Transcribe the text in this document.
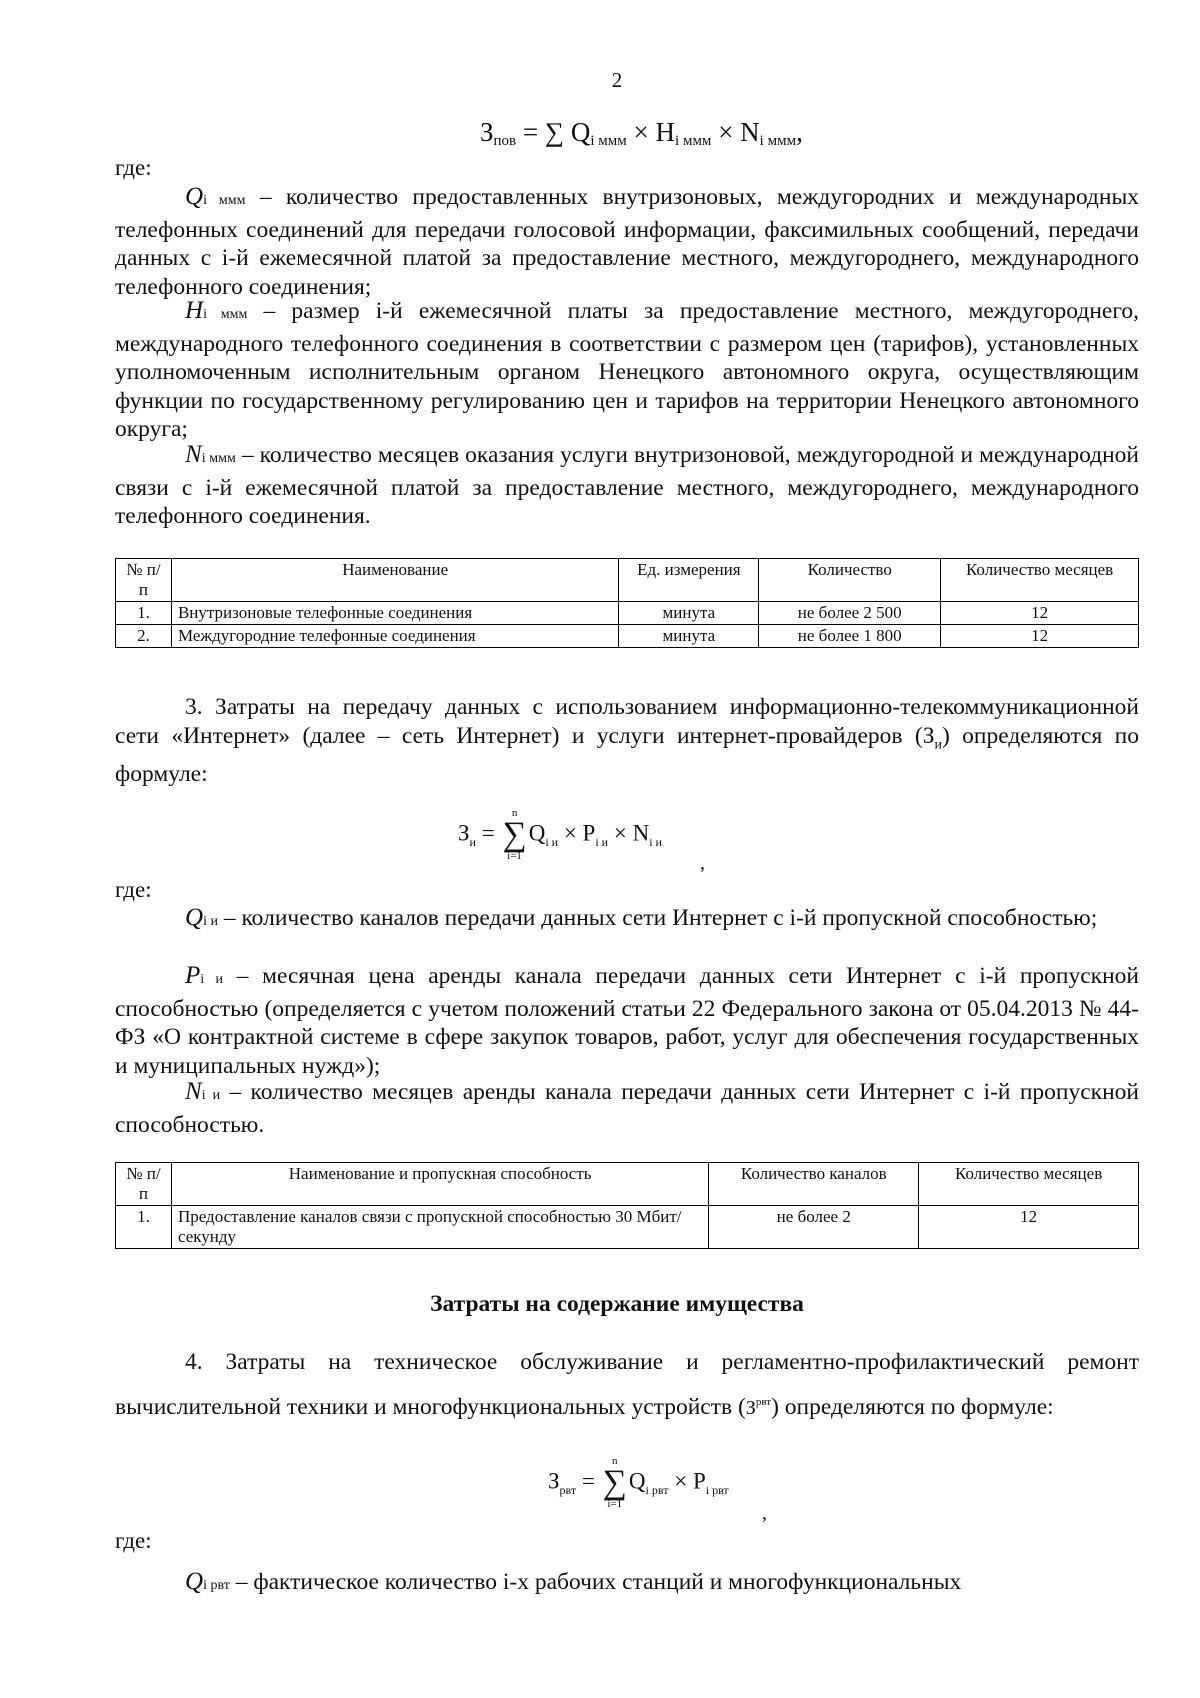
2
$З_{пов}$ = ∑ $Q_{i ммм} \times H_{i ммм} \times N_{i ммм}$,
где:
Qi ммм – количество предоставленных внутризоновых, междугородних и международных телефонных соединений для передачи голосовой информации, факсимильных сообщений, передачи данных с i-й ежемесячной платой за предоставление местного, междугороднего, международного телефонного соединения;
Hi ммм – размер i-й ежемесячной платы за предоставление местного, междугороднего, международного телефонного соединения в соответствии с размером цен (тарифов), установленных уполномоченным исполнительным органом Ненецкого автономного округа, осуществляющим функции по государственному регулированию цен и тарифов на территории Ненецкого автономного округа;
Ni ммм – количество месяцев оказания услуги внутризоновой, междугородной и международной связи с i-й ежемесячной платой за предоставление местного, междугороднего, международного телефонного соединения.
№ п/п	Наименование	Ед. измерения	Количество	Количество месяцев
1.	Внутризоновые телефонные соединения	минута	не более 2 500	12
2.	Междугородние телефонные соединения	минута	не более 1 800	12
3. Затраты на передачу данных с использованием информационно-телекоммуникационной сети «Интернет» (далее – сеть Интернет) и услуги интернет-провайдеров $(З_и)$ определяются по формуле:
$З_и$ =
n
∑
i=1
$Q_{i и} \times P_{i и} \times N_{i и}$
,
где:
Qi и – количество каналов передачи данных сети Интернет с i-й пропускной способностью;
Pi и – месячная цена аренды канала передачи данных сети Интернет с i-й пропускной способностью (определяется с учетом положений статьи 22 Федерального закона от 05.04.2013 № 44-ФЗ «О контрактной системе в сфере закупок товаров, работ, услуг для обеспечения государственных и муниципальных нужд»);
Ni и – количество месяцев аренды канала передачи данных сети Интернет с i-й пропускной способностью.
№ п/п	Наименование и пропускная способность	Количество каналов	Количество месяцев
1.	Предоставление каналов связи с пропускной способностью 30 Мбит/секунду	не более 2	12
Затраты на содержание имущества
4. Затраты на техническое обслуживание и регламентно-профилактический ремонт вычислительной техники и многофункциональных устройств $(З^{рвт})$ определяются по формуле:
$З_{рвт}$ =
n
∑
i=1
$Q_{i рвт} \times P_{i рвт}$
,
где:
Qi рвт – фактическое количество i-х рабочих станций и многофункциональных
